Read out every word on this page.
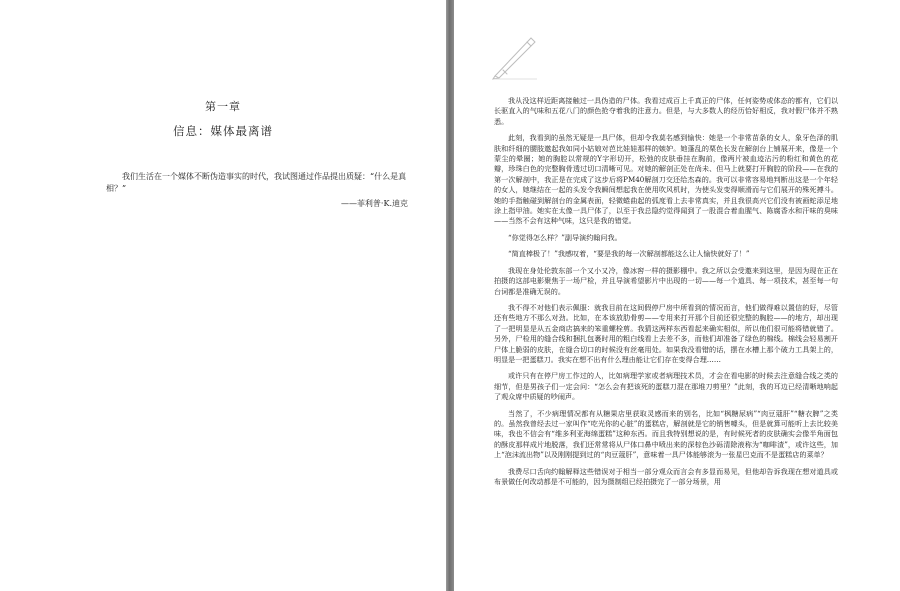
第一章
信息：媒体最离谱
我们生活在一个媒体不断伪造事实的时代，我试图通过作品提出质疑：“什么是真相？”
——菲利普·K.迪克

我从没这样近距离接触过一具伪造的尸体。我看过成百上千真正的尸体，任何姿势或体态的都有，它们以长驱直入的气味和五花八门的颜色抢夺着我的注意力。但是，与大多数人的经历恰好相反，我对假尸体并不熟悉。

此刻，我看到的虽然无疑是一具尸体，但却令我莫名感到愉快：她是一个非常苗条的女人，象牙色泽的肌肤和纤细的腰肢邀起我如同小姑娘对芭比娃娃那样的嫉妒。她蓬乱的栗色长发在解剖台上铺展开来，像是一个蒙尘的晕圈；她的胸腔以常规的Y字形切开，松弛的皮肤垂挂在胸前，像两片被血迹沾污的粉红和黄色的花瓣，珍珠白色的完整胸骨透过切口清晰可见。对她的解剖正处在尚未、但马上就要打开胸腔的阶段——在我的第一次解剖中，我正是在完成了这步后将PM40解剖刀交还给杰森的。我可以非常容易地判断出这是一个年轻的女人，她继结在一起的头发令我瞬间想起我在使用吹风机时，为使头发变得顺滑而与它们展开的殊死搏斗。她的手指触碰到解剖台的金属表面，轻微蜷曲起的弧度看上去非常真实，并且我很高兴它们没有被画蛇添足地涂上指甲油。她实在太像一具尸体了，以至于我总隐约觉得闻到了一股混合着血腥气、陈腐香水和汗味的臭味——当然不会有这种气味，这只是我的错觉。

“你觉得怎么样？”副导演约翰问我。

“简直棒极了！”我感叹着，“要是我的每一次解剖都能这么让人愉快就好了！”

我现在身处伦敦东部一个又小又冷，像冰窖一样的摄影棚中。我之所以会受邀来到这里，是因为现在正在拍摄的这部电影聚焦于一场尸检，并且导演希望影片中出现的一切——每一个道具、每一项技术，甚至每一句台词都是准确无误的。

我不得不对他们表示佩服：就我目前在这间假停尸房中所看到的情况而言，他们做得难以置信的好，尽管还有些地方不那么对劲。比如，在本该放肋骨剪——专用来打开那个目前还很完整的胸腔——的地方，却出现了一把明显是从五金商店搞来的笨重螺栓剪。我猜这两样东西看起来确实相似，所以他们很可能将错就错了。另外，尸检用的缝合线和捆扎包裹时用的粗白线看上去差不多，而他们却准备了绿色的棉线。棉线会轻易割开尸体上脆弱的皮肤，在缝合切口的时候没有丝毫用处。如果我没看错的话，摆在水槽上那个破力工具架上的，明显是一把蛋糕刀。我实在想不出有什么理由能让它们存在变得合理……

或许只有在停尸房工作过的人，比如病理学家或者病理技术员，才会在看电影的时候去注意缝合线之类的细节，但是男孩子们一定会问：“怎么会有把该死的蛋糕刀混在那堆刀剪里？”此刻，我的耳边已经清晰地响起了观众席中质疑的吵闹声。

当然了，不少病理情况都有从糖果店里获取灵感而来的别名，比如“枫糖尿病”“肉豆蔻肝”“糖衣脾”之类的。虽然我曾经去过一家叫作“吃光你的心脏”的蛋糕店，解剖就是它的销售噱头，但是就算可能听上去比较美味，我也不信会有“维多利亚海绵蛋糕”这种东西。而且我特别想说的是，有时候死者的皮肤确实会像半角面包的酥皮那样成片地脱落，我们还常常将从尸体口鼻中喷出来的深棕色沙砾清除液称为“咖啡渣”，或许这些，加上“泡沫流出物”以及刚刚提到过的“肉豆蔻肝”，意味着一具尸体能够滚为一张星巴克而不是蛋糕店的菜单？

我费尽口舌向约翰解释这些错误对于相当一部分观众而言会有多显而易见，但他却告诉我现在想对道具或布景做任何改动都是不可能的，因为摄制组已经拍摄完了一部分场景，用
